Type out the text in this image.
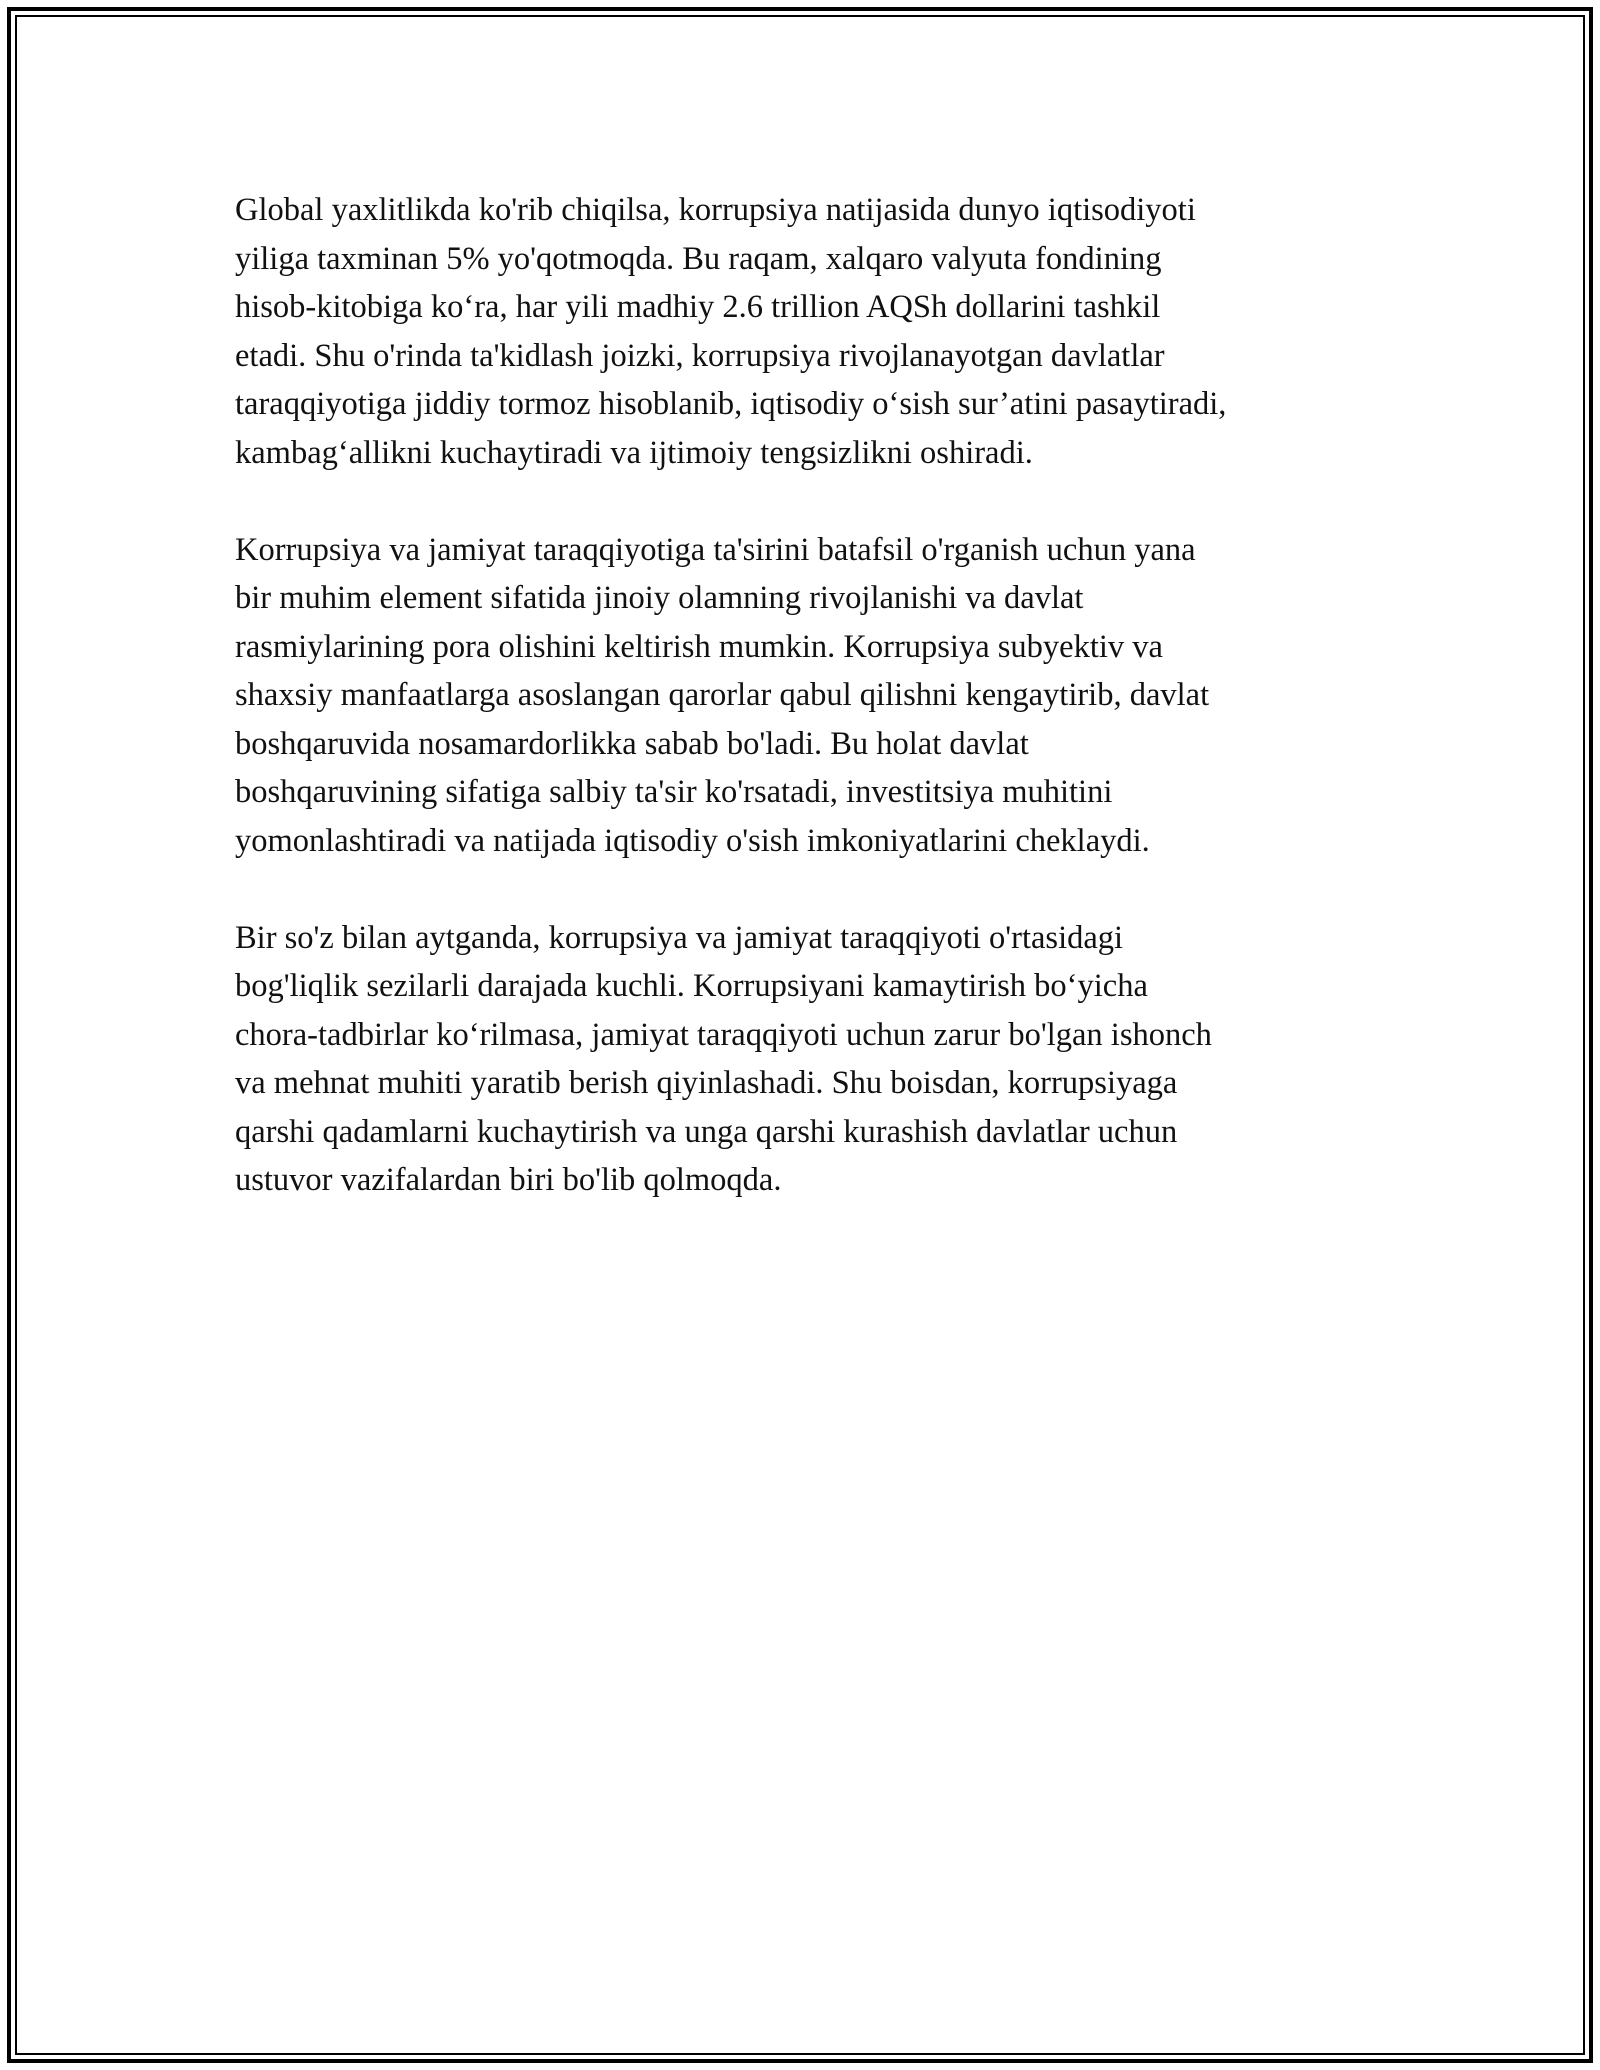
Global yaxlitlikda ko'rib chiqilsa, korrupsiya natijasida dunyo iqtisodiyoti
yiliga taxminan 5% yo'qotmoqda. Bu raqam, xalqaro valyuta fondining
hisob-kitobiga ko‘ra, har yili madhiy 2.6 trillion AQSh dollarini tashkil
etadi. Shu o'rinda ta'kidlash joizki, korrupsiya rivojlanayotgan davlatlar
taraqqiyotiga jiddiy tormoz hisoblanib, iqtisodiy o‘sish sur’atini pasaytiradi,
kambag‘allikni kuchaytiradi va ijtimoiy tengsizlikni oshiradi.

Korrupsiya va jamiyat taraqqiyotiga ta'sirini batafsil o'rganish uchun yana
bir muhim element sifatida jinoiy olamning rivojlanishi va davlat
rasmiylarining pora olishini keltirish mumkin. Korrupsiya subyektiv va
shaxsiy manfaatlarga asoslangan qarorlar qabul qilishni kengaytirib, davlat
boshqaruvida nosamardorlikka sabab bo'ladi. Bu holat davlat
boshqaruvining sifatiga salbiy ta'sir ko'rsatadi, investitsiya muhitini
yomonlashtiradi va natijada iqtisodiy o'sish imkoniyatlarini cheklaydi.

Bir so'z bilan aytganda, korrupsiya va jamiyat taraqqiyoti o'rtasidagi
bog'liqlik sezilarli darajada kuchli. Korrupsiyani kamaytirish bo‘yicha
chora-tadbirlar ko‘rilmasa, jamiyat taraqqiyoti uchun zarur bo'lgan ishonch
va mehnat muhiti yaratib berish qiyinlashadi. Shu boisdan, korrupsiyaga
qarshi qadamlarni kuchaytirish va unga qarshi kurashish davlatlar uchun
ustuvor vazifalardan biri bo'lib qolmoqda.
